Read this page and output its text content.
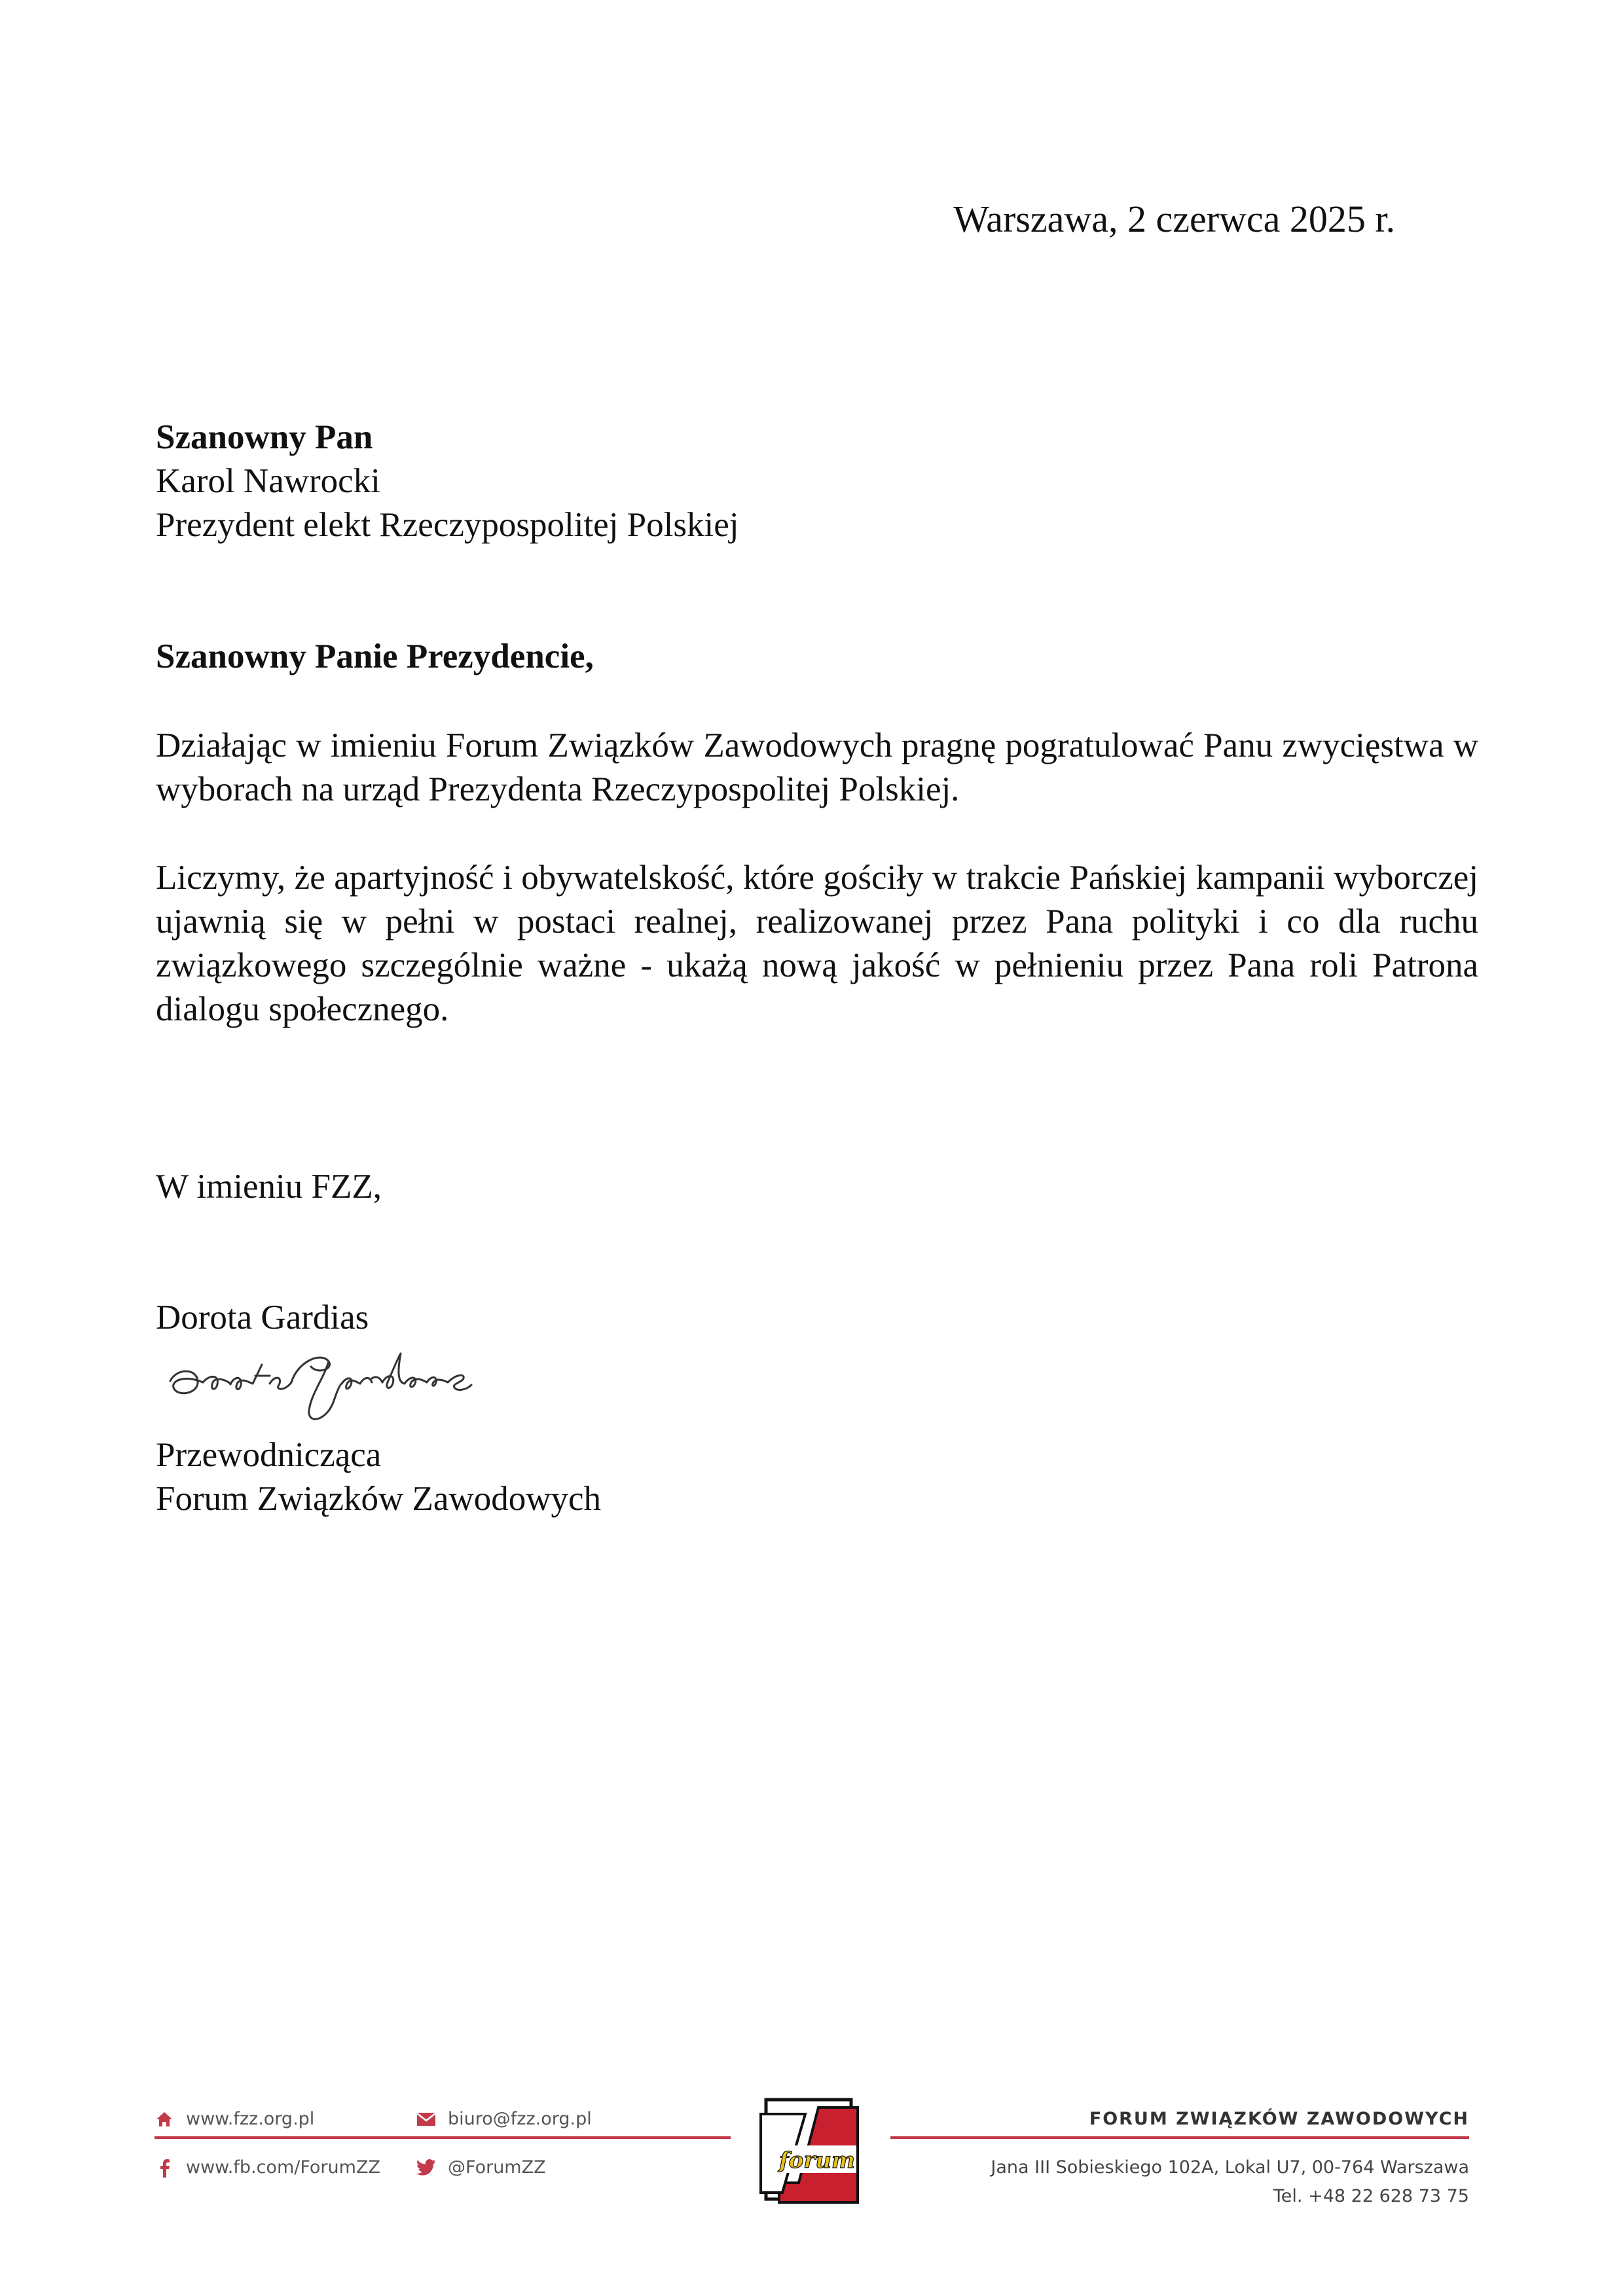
Warszawa, 2 czerwca 2025 r.
Szanowny Pan
Karol Nawrocki
Prezydent elekt Rzeczypospolitej Polskiej
Szanowny Panie Prezydencie,

Działając w imieniu Forum Związków Zawodowych pragnę pogratulować Panu zwycięstwa w wyborach na urząd Prezydenta Rzeczypospolitej Polskiej.

Liczymy, że apartyjność i obywatelskość, które gościły w trakcie Pańskiej kampanii wyborczej ujawnią się w pełni w postaci realnej, realizowanej przez Pana polityki i co dla ruchu związkowego szczególnie ważne - ukażą nową jakość w pełnieniu przez Pana roli Patrona dialogu społecznego.

W imieniu FZZ,
Dorota Gardias
Przewodnicząca
Forum Związków Zawodowych
www.fzz.org.pl	biuro@fzz.org.pl
www.fb.com/ForumZZ	@ForumZZ	forum
FORUM ZWIĄZKÓW ZAWODOWYCH
Jana III Sobieskiego 102A, Lokal U7, 00-764 Warszawa
Tel. +48 22 628 73 75
